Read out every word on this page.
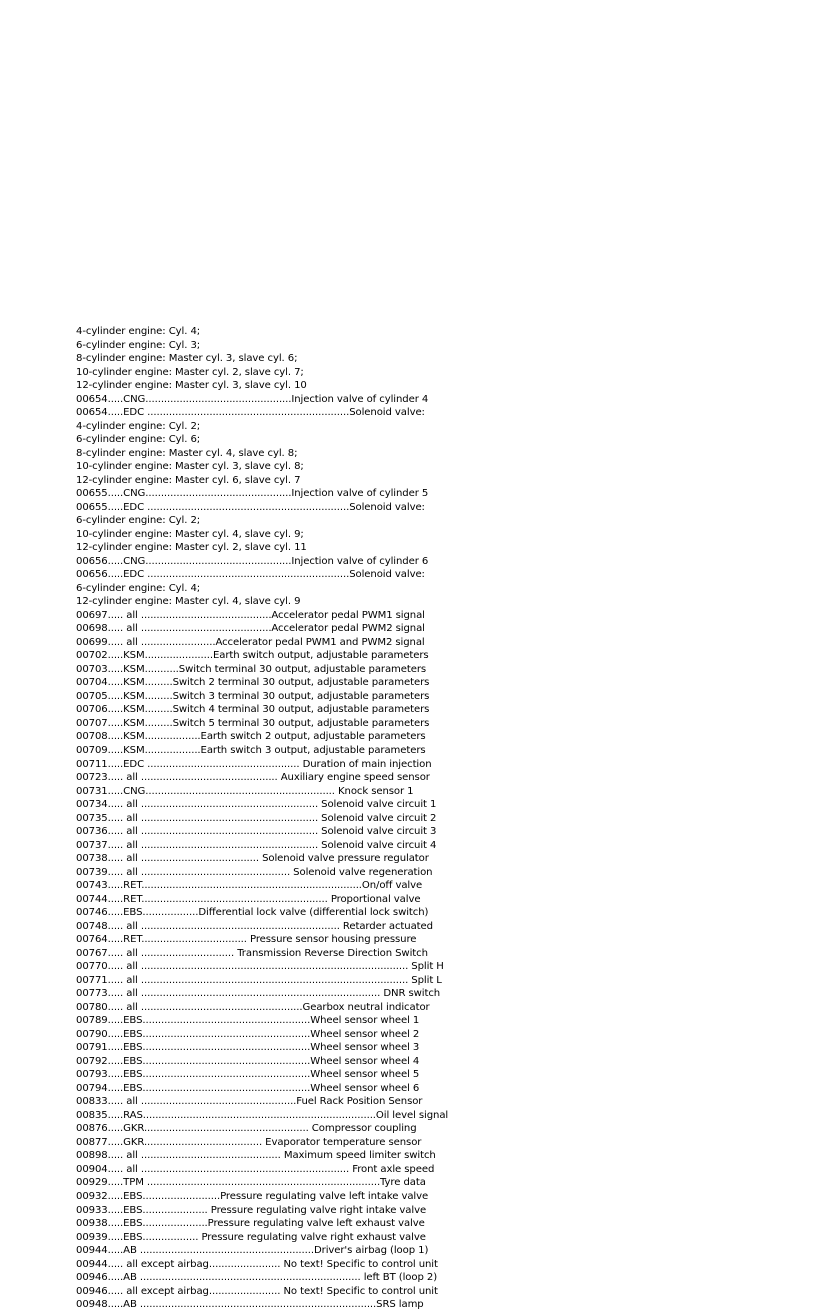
4-cylinder engine: Cyl. 4;
6-cylinder engine: Cyl. 3;
8-cylinder engine: Master cyl. 3, slave cyl. 6;
10-cylinder engine: Master cyl. 2, slave cyl. 7;
12-cylinder engine: Master cyl. 3, slave cyl. 10
00654.....CNG...............................................Injection valve of cylinder 4
00654.....EDC .................................................................Solenoid valve:
4-cylinder engine: Cyl. 2;
6-cylinder engine: Cyl. 6;
8-cylinder engine: Master cyl. 4, slave cyl. 8;
10-cylinder engine: Master cyl. 3, slave cyl. 8;
12-cylinder engine: Master cyl. 6, slave cyl. 7
00655.....CNG...............................................Injection valve of cylinder 5
00655.....EDC .................................................................Solenoid valve:
6-cylinder engine: Cyl. 2;
10-cylinder engine: Master cyl. 4, slave cyl. 9;
12-cylinder engine: Master cyl. 2, slave cyl. 11
00656.....CNG...............................................Injection valve of cylinder 6
00656.....EDC .................................................................Solenoid valve:
6-cylinder engine: Cyl. 4;
12-cylinder engine: Master cyl. 4, slave cyl. 9
00697..... all ..........................................Accelerator pedal PWM1 signal
00698..... all ..........................................Accelerator pedal PWM2 signal
00699..... all ........................Accelerator pedal PWM1 and PWM2 signal
00702.....KSM......................Earth switch output, adjustable parameters
00703.....KSM...........Switch terminal 30 output, adjustable parameters
00704.....KSM.........Switch 2 terminal 30 output, adjustable parameters
00705.....KSM.........Switch 3 terminal 30 output, adjustable parameters
00706.....KSM.........Switch 4 terminal 30 output, adjustable parameters
00707.....KSM.........Switch 5 terminal 30 output, adjustable parameters
00708.....KSM..................Earth switch 2 output, adjustable parameters
00709.....KSM..................Earth switch 3 output, adjustable parameters
00711.....EDC ................................................. Duration of main injection
00723..... all ............................................ Auxiliary engine speed sensor
00731.....CNG............................................................. Knock sensor 1
00734..... all ......................................................... Solenoid valve circuit 1
00735..... all ......................................................... Solenoid valve circuit 2
00736..... all ......................................................... Solenoid valve circuit 3
00737..... all ......................................................... Solenoid valve circuit 4
00738..... all ...................................... Solenoid valve pressure regulator
00739..... all ................................................ Solenoid valve regeneration
00743.....RET.......................................................................On/off valve
00744.....RET............................................................ Proportional valve
00746.....EBS..................Differential lock valve (differential lock switch)
00748..... all ................................................................ Retarder actuated
00764.....RET.................................. Pressure sensor housing pressure
00767..... all .............................. Transmission Reverse Direction Switch
00770..... all ...................................................................................... Split H
00771..... all ...................................................................................... Split L
00773..... all ............................................................................. DNR switch
00780..... all ....................................................Gearbox neutral indicator
00789.....EBS......................................................Wheel sensor wheel 1
00790.....EBS......................................................Wheel sensor wheel 2
00791.....EBS......................................................Wheel sensor wheel 3
00792.....EBS......................................................Wheel sensor wheel 4
00793.....EBS......................................................Wheel sensor wheel 5
00794.....EBS......................................................Wheel sensor wheel 6
00833..... all ..................................................Fuel Rack Position Sensor
00835.....RAS...........................................................................Oil level signal
00876.....GKR..................................................... Compressor coupling
00877.....GKR...................................... Evaporator temperature sensor
00898..... all ............................................. Maximum speed limiter switch
00904..... all ................................................................... Front axle speed
00929.....TPM ...........................................................................Tyre data
00932.....EBS.........................Pressure regulating valve left intake valve
00933.....EBS..................... Pressure regulating valve right intake valve
00938.....EBS.....................Pressure regulating valve left exhaust valve
00939.....EBS.................. Pressure regulating valve right exhaust valve
00944.....AB ........................................................Driver's airbag (loop 1)
00944..... all except airbag....................... No text! Specific to control unit
00946.....AB ....................................................................... left BT (loop 2)
00946..... all except airbag....................... No text! Specific to control unit
00948.....AB ............................................................................SRS lamp
